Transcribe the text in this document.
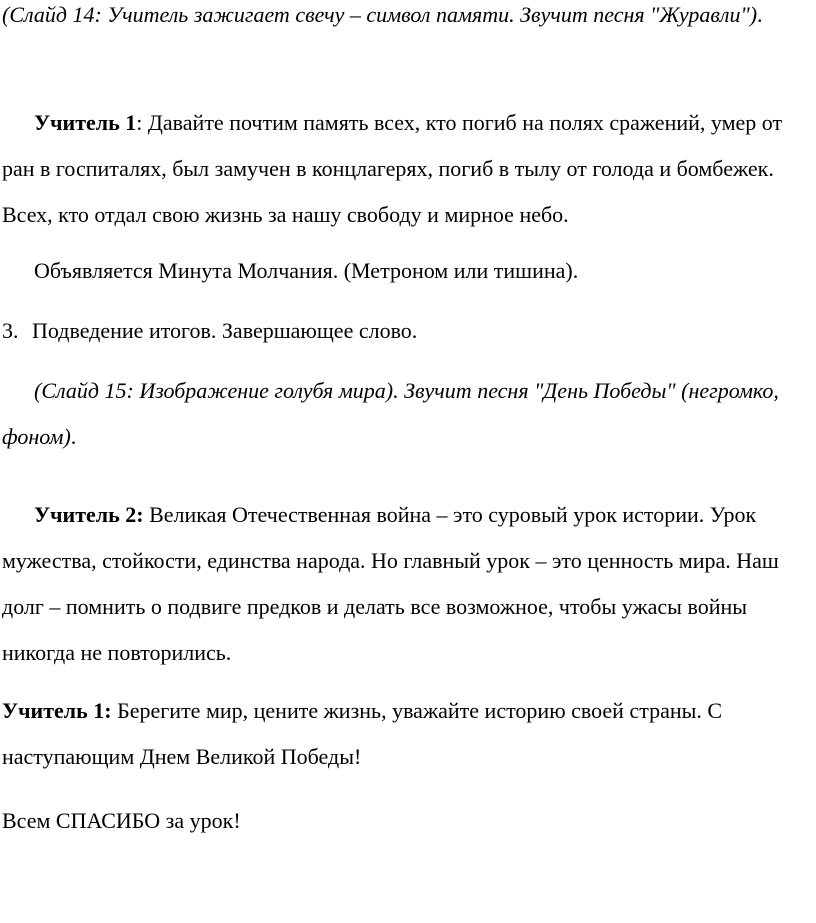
(Слайд 14: Учитель зажигает свечу – символ памяти. Звучит песня "Журавли").

Учитель 1: Давайте почтим память всех, кто погиб на полях сражений, умер от ран в госпиталях, был замучен в концлагерях, погиб в тылу от голода и бомбежек. Всех, кто отдал свою жизнь за нашу свободу и мирное небо.

Объявляется Минута Молчания. (Метроном или тишина).

3. Подведение итогов. Завершающее слово.

(Слайд 15: Изображение голубя мира). Звучит песня "День Победы" (негромко, фоном).

Учитель 2: Великая Отечественная война – это суровый урок истории. Урок мужества, стойкости, единства народа. Но главный урок – это ценность мира. Наш долг – помнить о подвиге предков и делать все возможное, чтобы ужасы войны никогда не повторились.

Учитель 1: Берегите мир, цените жизнь, уважайте историю своей страны. С наступающим Днем Великой Победы!

Всем СПАСИБО за урок!
